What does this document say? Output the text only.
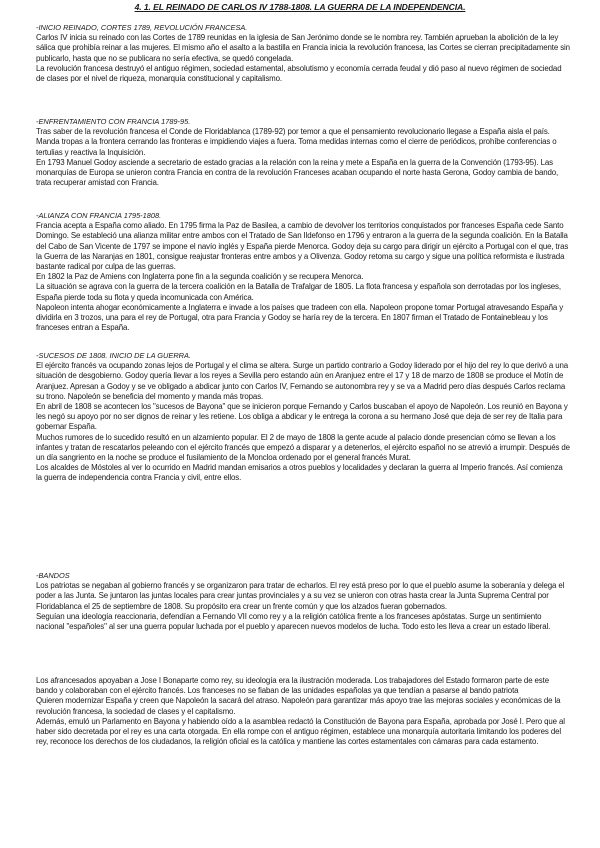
4. 1. EL REINADO DE CARLOS IV 1788-1808. LA GUERRA DE LA INDEPENDENCIA.

-INICIO REINADO, CORTES 1789, REVOLUCIÓN FRANCESA.

Carlos IV inicia su reinado con las Cortes de 1789 reunidas en la iglesia de San Jerónimo donde se le nombra rey. También aprueban la abolición de la ley sálica que prohibía reinar a las mujeres. El mismo año el asalto a la bastilla en Francia inicia la revolución francesa, las Cortes se cierran precipitadamente sin publicarlo, hasta que no se publicara no sería efectiva, se quedó congelada.

La revolución francesa destruyó el antiguo régimen, sociedad estamental, absolutismo y economía cerrada feudal y dió paso al nuevo régimen de sociedad de clases por el nivel de riqueza, monarquía constitucional y capitalismo.

-ENFRENTAMIENTO CON FRANCIA 1789-95.

Tras saber de la revolución francesa el Conde de Floridablanca (1789-92) por temor a que el pensamiento revolucionario llegase a España aisla el país. Manda tropas a la frontera cerrando las fronteras e impidiendo viajes a fuera. Toma medidas internas como el cierre de periódicos, prohíbe conferencias o tertulias y reactiva la Inquisición.

En 1793 Manuel Godoy asciende a secretario de estado gracias a la relación con la reina y mete a España en la guerra de la Convención (1793-95). Las monarquías de Europa se unieron contra Francia en contra de la revolución Franceses acaban ocupando el norte hasta Gerona, Godoy cambia de bando, trata recuperar amistad con Francia.

-ALIANZA CON FRANCIA 1795-1808.

Francia acepta a España como aliado. En 1795 firma la Paz de Basilea, a cambio de devolver los territorios conquistados por franceses España cede Santo Domingo. Se estableció una alianza militar entre ambos con el Tratado de San Ildefonso en 1796 y entraron a la guerra de la segunda coalición. En la Batalla del Cabo de San Vicente de 1797 se impone el navío inglés y España pierde Menorca. Godoy deja su cargo para dirigir un ejército a Portugal con el que, tras la Guerra de las Naranjas en 1801, consigue reajustar fronteras entre ambos y a Olivenza. Godoy retoma su cargo y sigue una política reformista e ilustrada bastante radical por culpa de las guerras.

En 1802 la Paz de Amiens con Inglaterra pone fin a la segunda coalición y se recupera Menorca.

La situación se agrava con la guerra de la tercera coalición en la Batalla de Trafalgar de 1805. La flota francesa y española son derrotadas por los ingleses, España pierde toda su flota y queda incomunicada con América.

Napoleon intenta ahogar económicamente a Inglaterra e invade a los países que tradeen con ella. Napoleon propone tomar Portugal atravesando España y dividirla en 3 trozos, una para el rey de Portugal, otra para Francia y Godoy se haría rey de la tercera. En 1807 firman el Tratado de Fontainebleau y los franceses entran a España.

-SUCESOS DE 1808. INICIO DE LA GUERRA.

El ejército francés va ocupando zonas lejos de Portugal y el clima se altera. Surge un partido contrario a Godoy liderado por el hijo del rey lo que derivó a una situación de desgobierno. Godoy quería llevar a los reyes a Sevilla pero estando aún en Aranjuez entre el 17 y 18 de marzo de 1808 se produce el Motín de Aranjuez. Apresan a Godoy y se ve obligado a abdicar junto con Carlos IV, Fernando se autonombra rey y se va a Madrid pero días después Carlos reclama su trono. Napoleón se beneficia del momento y manda más tropas.

En abril de 1808 se acontecen los "sucesos de Bayona" que se inicieron porque Fernando y Carlos buscaban el apoyo de Napoleón. Los reunió en Bayona y les negó su apoyo por no ser dignos de reinar y les retiene. Los obliga a abdicar y le entrega la corona a su hermano José que deja de ser rey de Italia para gobernar España.

Muchos rumores de lo sucedido resultó en un alzamiento popular. El 2 de mayo de 1808 la gente acude al palacio donde presencian cómo se llevan a los infantes y tratan de rescatarlos peleando con el ejército francés que empezó a disparar y a detenerlos, el ejército español no se atrevió a irrumpir. Después de un día sangriento en la noche se produce el fusilamiento de la Moncloa ordenado por el general francés Murat.

Los alcaldes de Móstoles al ver lo ocurrido en Madrid mandan emisarios a otros pueblos y localidades y declaran la guerra al Imperio francés. Así comienza la guerra de independencia contra Francia y civil, entre ellos.

-BANDOS

Los patriotas se negaban al gobierno francés y se organizaron para tratar de echarlos. El rey está preso por lo que el pueblo asume la soberanía y delega el poder a las Junta. Se juntaron las juntas locales para crear juntas provinciales y a su vez se unieron con otras hasta crear la Junta Suprema Central por Floridablanca el 25 de septiembre de 1808. Su propósito era crear un frente común y que los alzados fueran gobernados.

Seguían una ideología reaccionaria, defendían a Fernando VII como rey y a la religión católica frente a los franceses apóstatas. Surge un sentimiento nacional "españoles" al ser una guerra popular luchada por el pueblo y aparecen nuevos modelos de lucha. Todo esto les lleva a crear un estado liberal.

Los afrancesados apoyaban a Jose I Bonaparte como rey, su ideología era la ilustración moderada. Los trabajadores del Estado formaron parte de este bando y colaboraban con el ejército francés. Los franceses no se fiaban de las unidades españolas ya que tendían a pasarse al bando patriota

Quieren modernizar España y creen que Napoleón la sacará del atraso. Napoleón para garantizar más apoyo trae las mejoras sociales y económicas de la revolución francesa, la sociedad de clases y el capitalismo.

Además, emuló un Parlamento en Bayona y habiendo oído a la asamblea redactó la Constitución de Bayona para España, aprobada por José I. Pero que al haber sido decretada por el rey es una carta otorgada. En ella rompe con el antiguo régimen, establece una monarquía autoritaria limitando los poderes del rey, reconoce los derechos de los ciudadanos, la religión oficial es la católica y mantiene las cortes estamentales con cámaras para cada estamento.
